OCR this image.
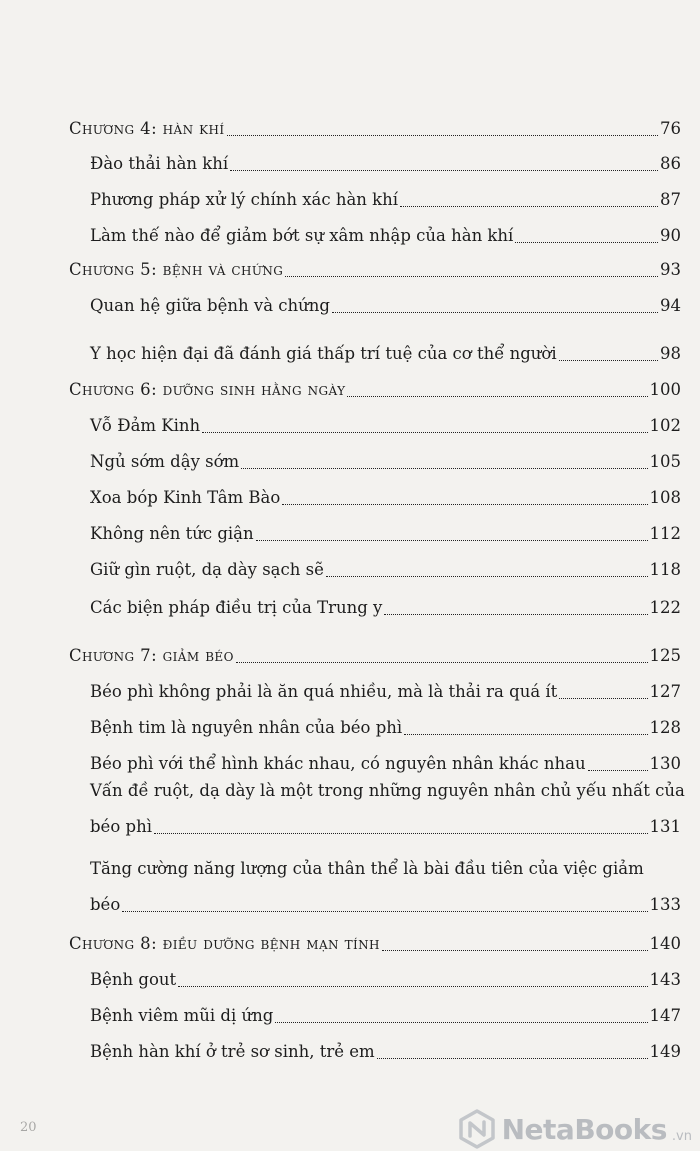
Chương 4: hàn khí	76
Đào thải hàn khí	86
Phương pháp xử lý chính xác hàn khí	87
Làm thế nào để giảm bớt sự xâm nhập của hàn khí	90
Chương 5: bệnh và chứng	93
Quan hệ giữa bệnh và chứng	94
Y học hiện đại đã đánh giá thấp trí tuệ của cơ thể người	98
Chương 6: dưỡng sinh hằng ngày	100
Vỗ Đảm Kinh	102
Ngủ sớm dậy sớm	105
Xoa bóp Kinh Tâm Bào	108
Không nên tức giận	112
Giữ gìn ruột, dạ dày sạch sẽ	118
Các biện pháp điều trị của Trung y	122
Chương 7: giảm béo	125
Béo phì không phải là ăn quá nhiều, mà là thải ra quá ít	127
Bệnh tim là nguyên nhân của béo phì	128
Béo phì với thể hình khác nhau, có nguyên nhân khác nhau	130
Vấn đề ruột, dạ dày là một trong những nguyên nhân chủ yếu nhất của
béo phì	131
Tăng cường năng lượng của thân thể là bài đầu tiên của việc giảm
béo	133
Chương 8: điều dưỡng bệnh mạn tính	140
Bệnh gout	143
Bệnh viêm mũi dị ứng	147
Bệnh hàn khí ở trẻ sơ sinh, trẻ em	149
20	NetaBooks .vn
